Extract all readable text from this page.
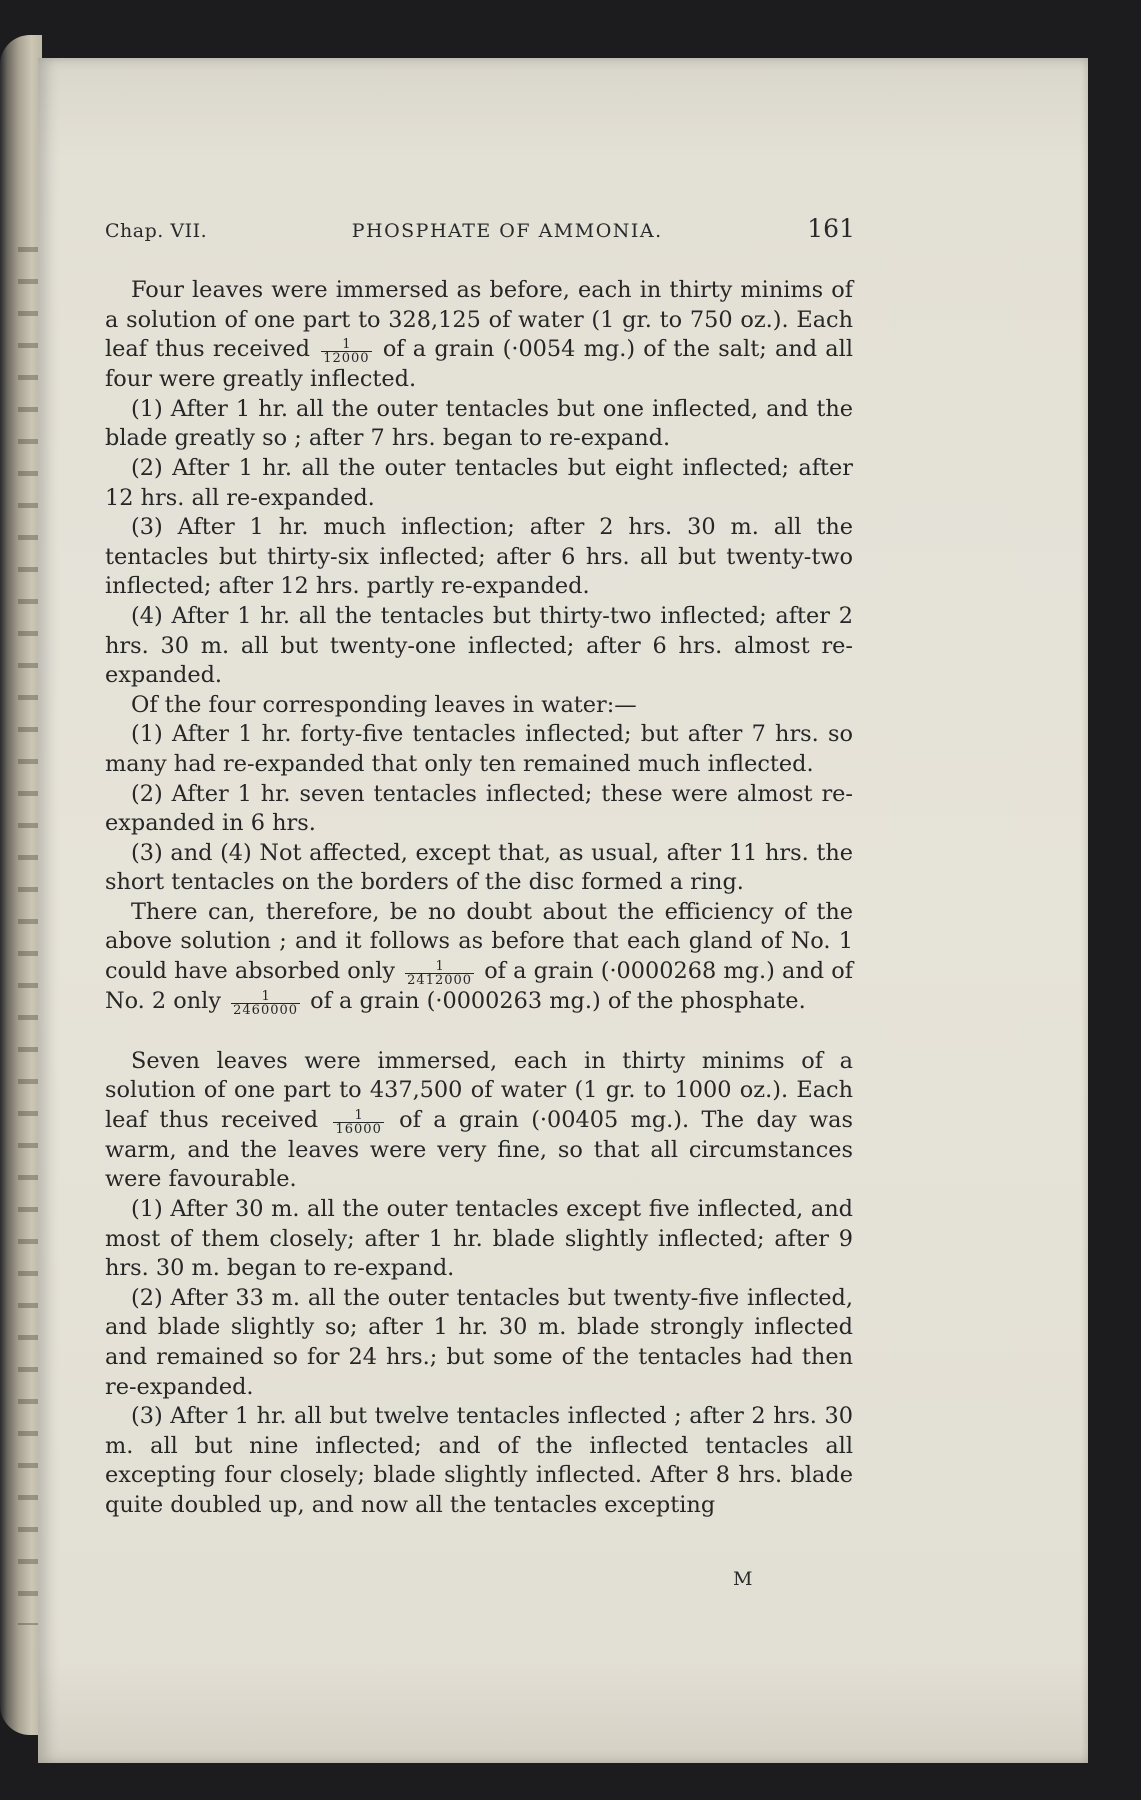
Chap. VII.	PHOSPHATE OF AMMONIA.	161

Four leaves were immersed as before, each in thirty minims of a solution of one part to 328,125 of water (1 gr. to 750 oz.). Each leaf thus received $\frac{1}{12000}$ of a grain (·0054 mg.) of the salt; and all four were greatly inflected.

(1) After 1 hr. all the outer tentacles but one inflected, and the blade greatly so ; after 7 hrs. began to re-expand.

(2) After 1 hr. all the outer tentacles but eight inflected; after 12 hrs. all re-expanded.

(3) After 1 hr. much inflection; after 2 hrs. 30 m. all the tentacles but thirty-six inflected; after 6 hrs. all but twenty-two inflected; after 12 hrs. partly re-expanded.

(4) After 1 hr. all the tentacles but thirty-two inflected; after 2 hrs. 30 m. all but twenty-one inflected; after 6 hrs. almost re-expanded.

Of the four corresponding leaves in water:—

(1) After 1 hr. forty-five tentacles inflected; but after 7 hrs. so many had re-expanded that only ten remained much inflected.

(2) After 1 hr. seven tentacles inflected; these were almost re-expanded in 6 hrs.

(3) and (4) Not affected, except that, as usual, after 11 hrs. the short tentacles on the borders of the disc formed a ring.

There can, therefore, be no doubt about the efficiency of the above solution ; and it follows as before that each gland of No. 1 could have absorbed only $\frac{1}{2412000}$ of a grain (·0000268 mg.) and of No. 2 only $\frac{1}{2460000}$ of a grain (·0000263 mg.) of the phosphate.

Seven leaves were immersed, each in thirty minims of a solution of one part to 437,500 of water (1 gr. to 1000 oz.). Each leaf thus received $\frac{1}{16000}$ of a grain (·00405 mg.). The day was warm, and the leaves were very fine, so that all circumstances were favourable.

(1) After 30 m. all the outer tentacles except five inflected, and most of them closely; after 1 hr. blade slightly inflected; after 9 hrs. 30 m. began to re-expand.

(2) After 33 m. all the outer tentacles but twenty-five inflected, and blade slightly so; after 1 hr. 30 m. blade strongly inflected and remained so for 24 hrs.; but some of the tentacles had then re-expanded.

(3) After 1 hr. all but twelve tentacles inflected ; after 2 hrs. 30 m. all but nine inflected; and of the inflected tentacles all excepting four closely; blade slightly inflected. After 8 hrs. blade quite doubled up, and now all the tentacles excepting

M
